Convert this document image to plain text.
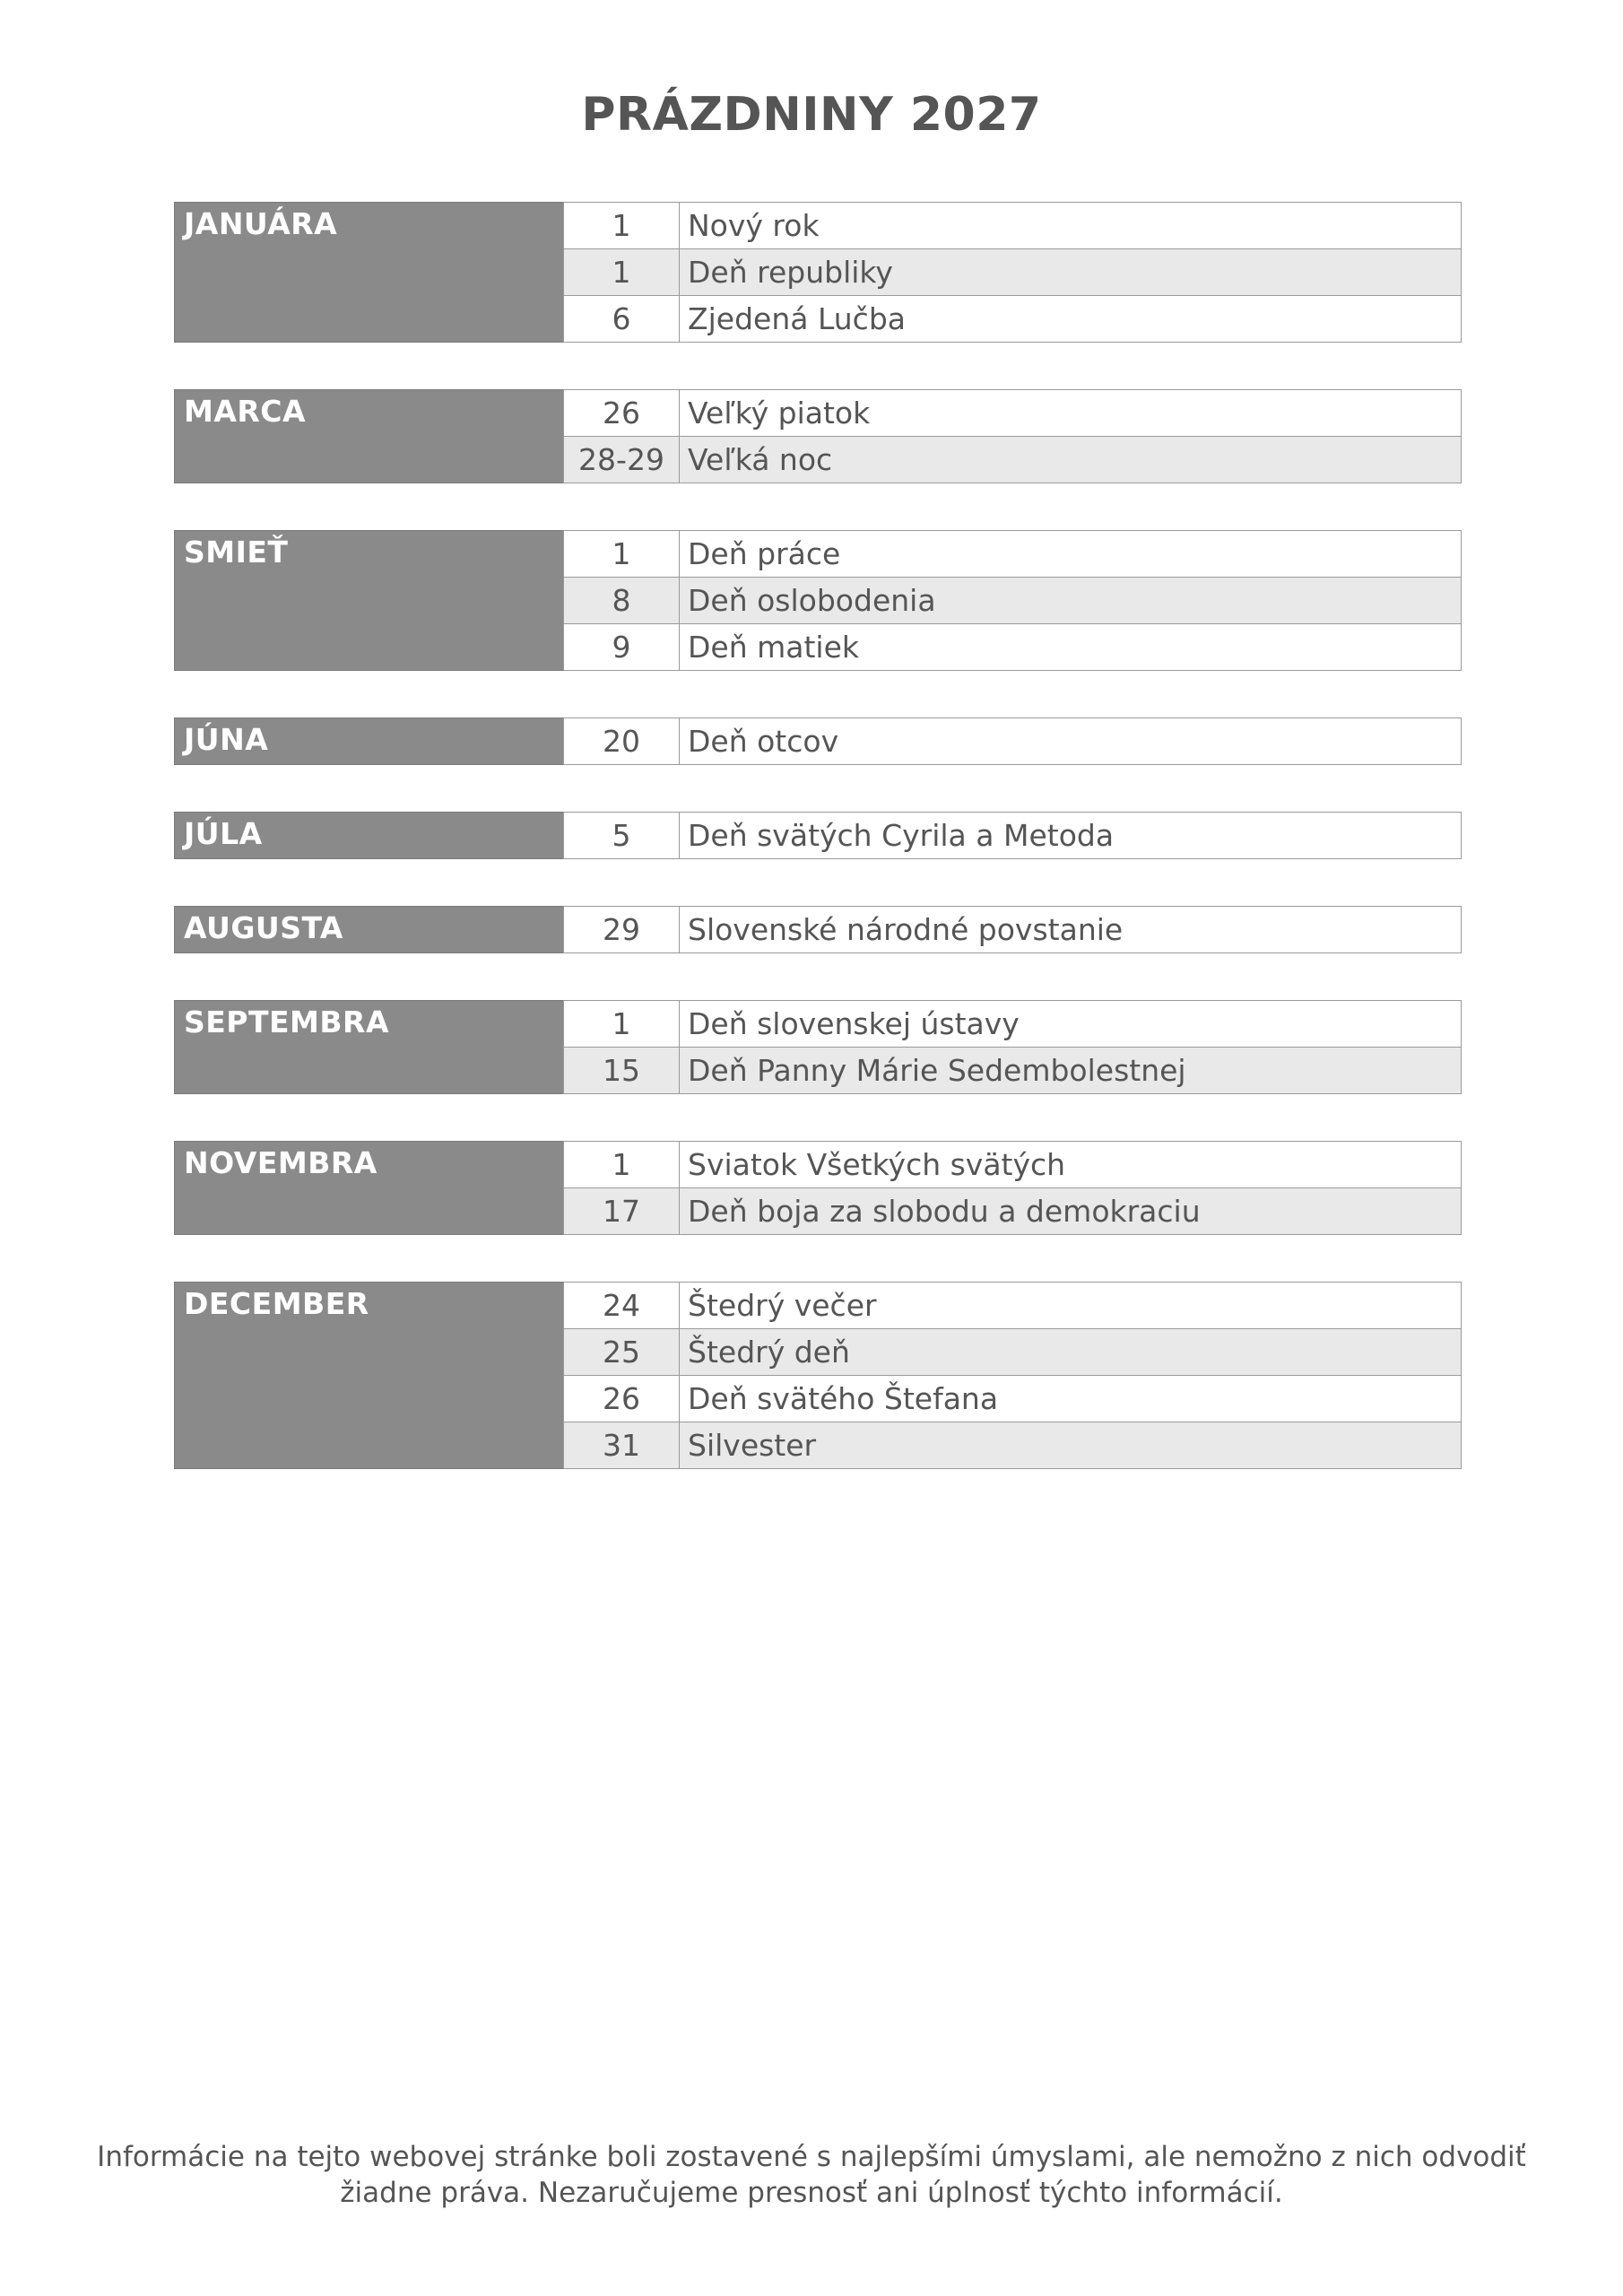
PRÁZDNINY 2027
JANUÁRA	1	Nový rok
1	Deň republiky
6	Zjedená Lučba
MARCA	26	Veľký piatok
28-29 Veľká noc
SMIEŤ	1	Deň práce
8	Deň oslobodenia
9	Deň matiek
JÚNA	20	Deň otcov
JÚLA	5	Deň svätých Cyrila a Metoda
AUGUSTA	29	Slovenské národné povstanie
SEPTEMBRA	1	Deň slovenskej ústavy
15	Deň Panny Márie Sedembolestnej
NOVEMBRA	1	Sviatok Všetkých svätých
17	Deň boja za slobodu a demokraciu
DECEMBER	24	Štedrý večer
25	Štedrý deň
26	Deň svätého Štefana
31	Silvester
Informácie na tejto webovej stránke boli zostavené s najlepšími úmyslami, ale nemožno z nich odvodiť
žiadne práva. Nezaručujeme presnosť ani úplnosť týchto informácií.
